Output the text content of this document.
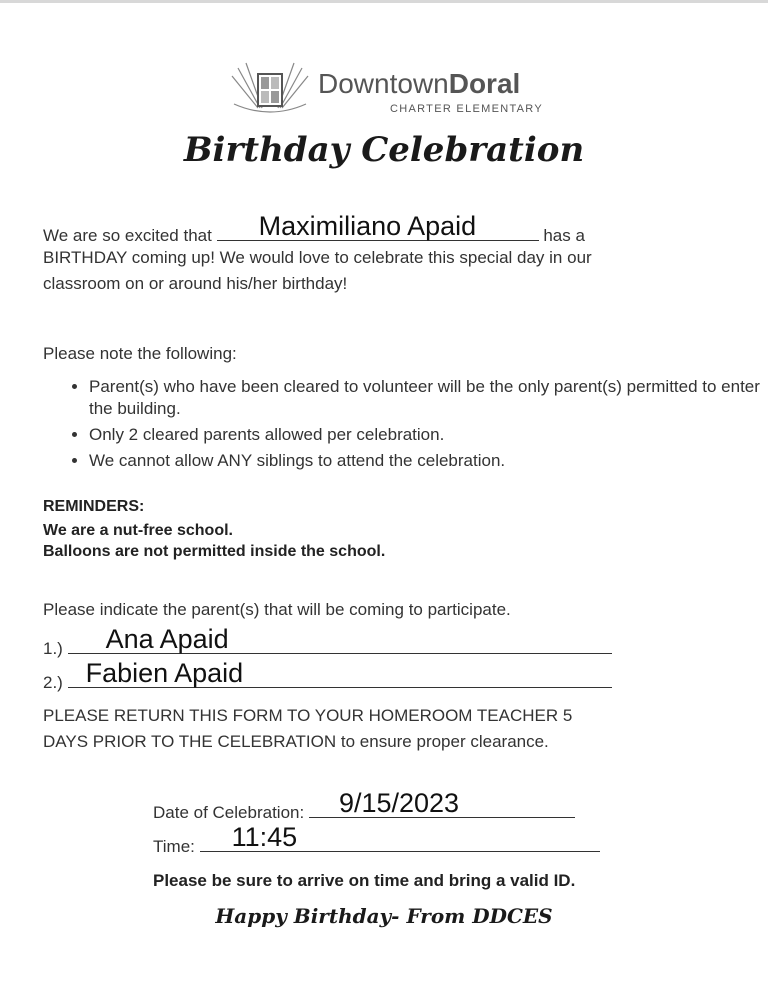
DowntownDoral
CHARTER ELEMENTARY
Birthday Celebration
We are so excited that Maximiliano Apaid	has a
BIRTHDAY coming up! We would love to celebrate this special day in our
classroom on or around his/her birthday!
Please note the following:
• Parent(s) who have been cleared to volunteer will be the only parent(s) permitted to enter the building.
• Only 2 cleared parents allowed per celebration.
• We cannot allow ANY siblings to attend the celebration.
REMINDERS:
We are a nut-free school.
Balloons are not permitted inside the school.
Please indicate the parent(s) that will be coming to participate.
1.) Ana Apaid
2.) Fabien Apaid
PLEASE RETURN THIS FORM TO YOUR HOMEROOM TEACHER 5
DAYS PRIOR TO THE CELEBRATION to ensure proper clearance.
Date of Celebration: 9/15/2023
Time: 11:45
Please be sure to arrive on time and bring a valid ID.
Happy Birthday- From DDCES
